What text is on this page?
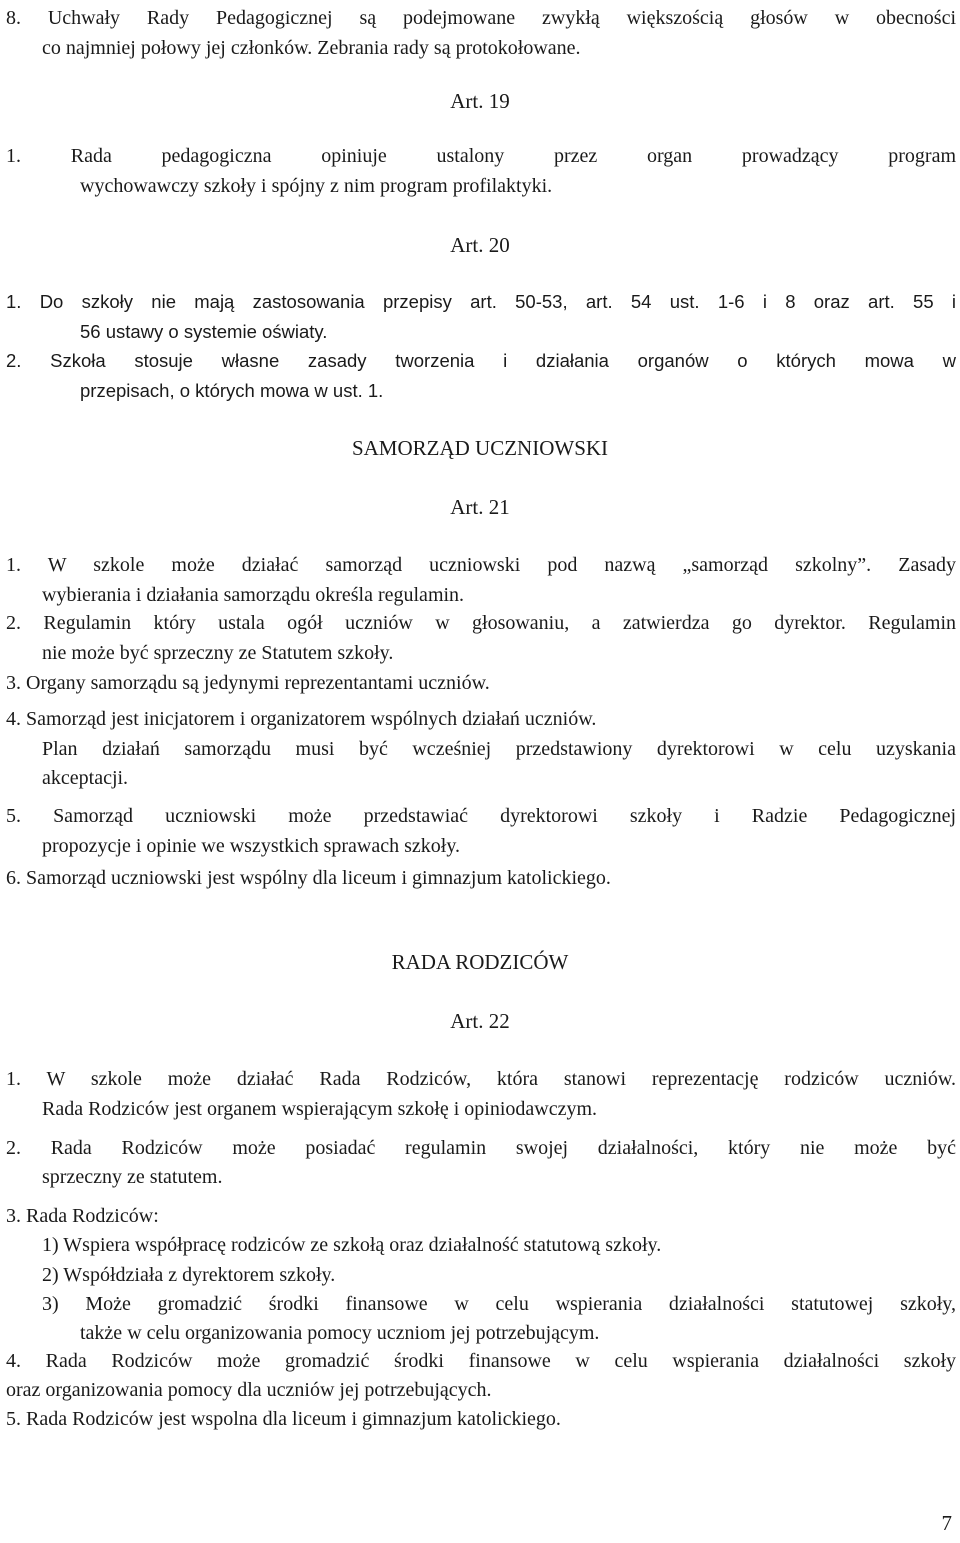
8. Uchwały Rady Pedagogicznej są podejmowane zwykłą większością głosów w obecności
co najmniej połowy jej członków. Zebrania rady są protokołowane.
Art. 19
1. Rada pedagogiczna opiniuje ustalony przez organ prowadzący program
wychowawczy szkoły i spójny z nim program profilaktyki.
Art. 20
1. Do szkoły nie mają zastosowania przepisy art. 50-53, art. 54 ust. 1-6 i 8 oraz art. 55 i
56 ustawy o systemie oświaty.
2. Szkoła stosuje własne zasady tworzenia i działania organów o których mowa w
przepisach, o których mowa w ust. 1.
SAMORZĄD UCZNIOWSKI
Art. 21
1. W szkole może działać samorząd uczniowski pod nazwą „samorząd szkolny”. Zasady
wybierania i działania samorządu określa regulamin.
2. Regulamin który ustala ogół uczniów w głosowaniu, a zatwierdza go dyrektor. Regulamin
nie może być sprzeczny ze Statutem szkoły.
3. Organy samorządu są jedynymi reprezentantami uczniów.
4. Samorząd jest inicjatorem i organizatorem wspólnych działań uczniów.
Plan działań samorządu musi być wcześniej przedstawiony dyrektorowi w celu uzyskania
akceptacji.
5. Samorząd uczniowski może przedstawiać dyrektorowi szkoły i Radzie Pedagogicznej
propozycje i opinie we wszystkich sprawach szkoły.
6. Samorząd uczniowski jest wspólny dla liceum i gimnazjum katolickiego.
RADA RODZICÓW
Art. 22
1. W szkole może działać Rada Rodziców, która stanowi reprezentację rodziców uczniów.
Rada Rodziców jest organem wspierającym szkołę i opiniodawczym.
2. Rada Rodziców może posiadać regulamin swojej działalności, który nie może być
sprzeczny ze statutem.
3. Rada Rodziców:
1) Wspiera współpracę rodziców ze szkołą oraz działalność statutową szkoły.
2) Współdziała z dyrektorem szkoły.
3) Może gromadzić środki finansowe w celu wspierania działalności statutowej szkoły,
także w celu organizowania pomocy uczniom jej potrzebującym.
4. Rada Rodziców może gromadzić środki finansowe w celu wspierania działalności szkoły
oraz organizowania pomocy dla uczniów jej potrzebujących.
5. Rada Rodziców jest wspolna dla liceum i gimnazjum katolickiego.
7
